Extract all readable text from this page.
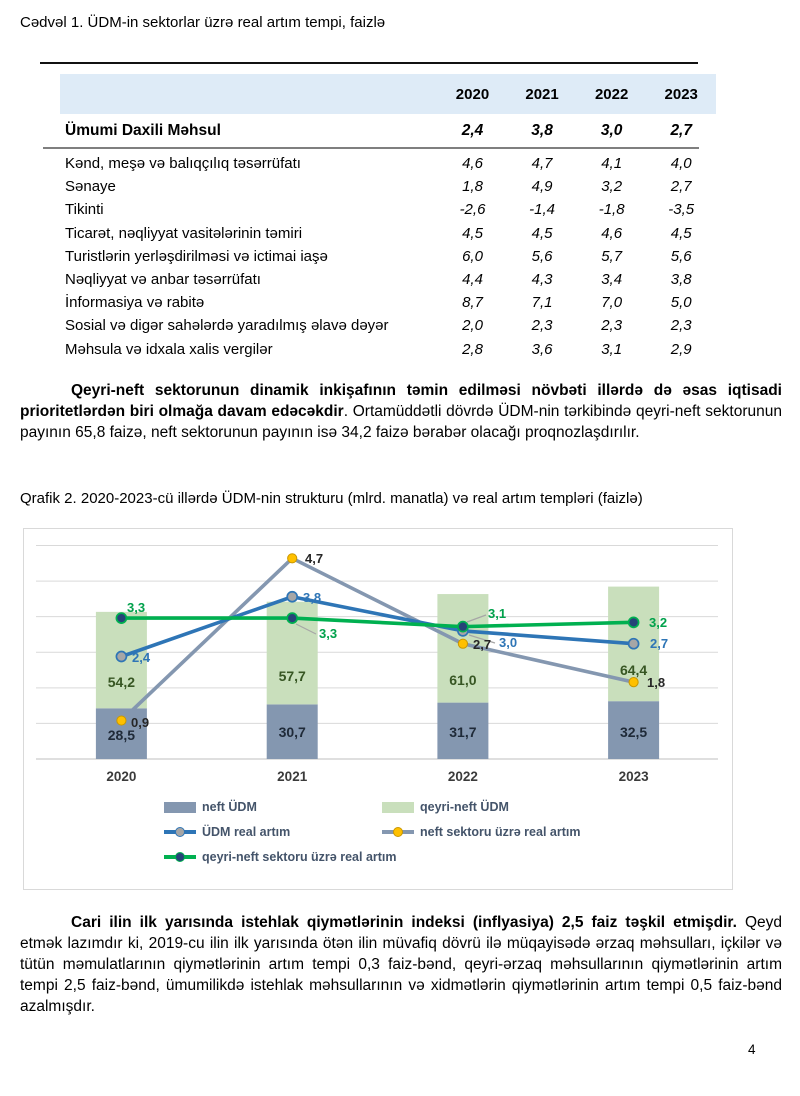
Cədvəl 1. ÜDM-in sektorlar üzrə real artım tempi, faizlə
2020	2021	2022	2023
Ümumi Daxili Məhsul	2,4	3,8	3,0	2,7
Kənd, meşə və balıqçılıq təsərrüfatı	4,6	4,7	4,1	4,0
Sənaye	1,8	4,9	3,2	2,7
Tikinti	-2,6	-1,4	-1,8	-3,5
Ticarət, nəqliyyat vasitələrinin təmiri	4,5	4,5	4,6	4,5
Turistlərin yerləşdirilməsi və ictimai iaşə	6,0	5,6	5,7	5,6
Nəqliyyat və anbar təsərrüfatı	4,4	4,3	3,4	3,8
İnformasiya və rabitə	8,7	7,1	7,0	5,0
Sosial və digər sahələrdə yaradılmış əlavə dəyər	2,0	2,3	2,3	2,3
Məhsula və idxala xalis vergilər	2,8	3,6	3,1	2,9

Qeyri-neft sektorunun dinamik inkişafının təmin edilməsi növbəti illərdə də əsas iqtisadi prioritetlərdən biri olmağa davam edəcəkdir. Ortamüddətli dövrdə ÜDM-nin tərkibində qeyri-neft sektorunun payının 65,8 faizə, neft sektorunun payının isə 34,2 faizə bərabər olacağı proqnozlaşdırılır.

Qrafik 2. 2020-2023-cü illərdə ÜDM-nin strukturu (mlrd. manatla) və real artım templəri (faizlə)
28,5
54,2
30,7
57,7
31,7
61,0
32,5
64,4
2,4
3,8
3,0	2,7
0,9
4,7
2,7
1,8
3,3
3,3
3,1
3,2
2020	2021	2022	2023
neft ÜDM	qeyri-neft ÜDM
ÜDM real artım	neft sektoru üzrə real artım
qeyri-neft sektoru üzrə real artım

Cari ilin ilk yarısında istehlak qiymətlərinin indeksi (inflyasiya) 2,5 faiz təşkil etmişdir. Qeyd etmək lazımdır ki, 2019-cu ilin ilk yarısında ötən ilin müvafiq dövrü ilə müqayisədə ərzaq məhsulları, içkilər və tütün məmulatlarının qiymətlərinin artım tempi 0,3 faiz-bənd, qeyri-ərzaq məhsullarının qiymətlərinin artım tempi 2,5 faiz-bənd, ümumilikdə istehlak məhsullarının və xidmətlərin qiymətlərinin artım tempi 0,5 faiz-bənd azalmışdır.

4
